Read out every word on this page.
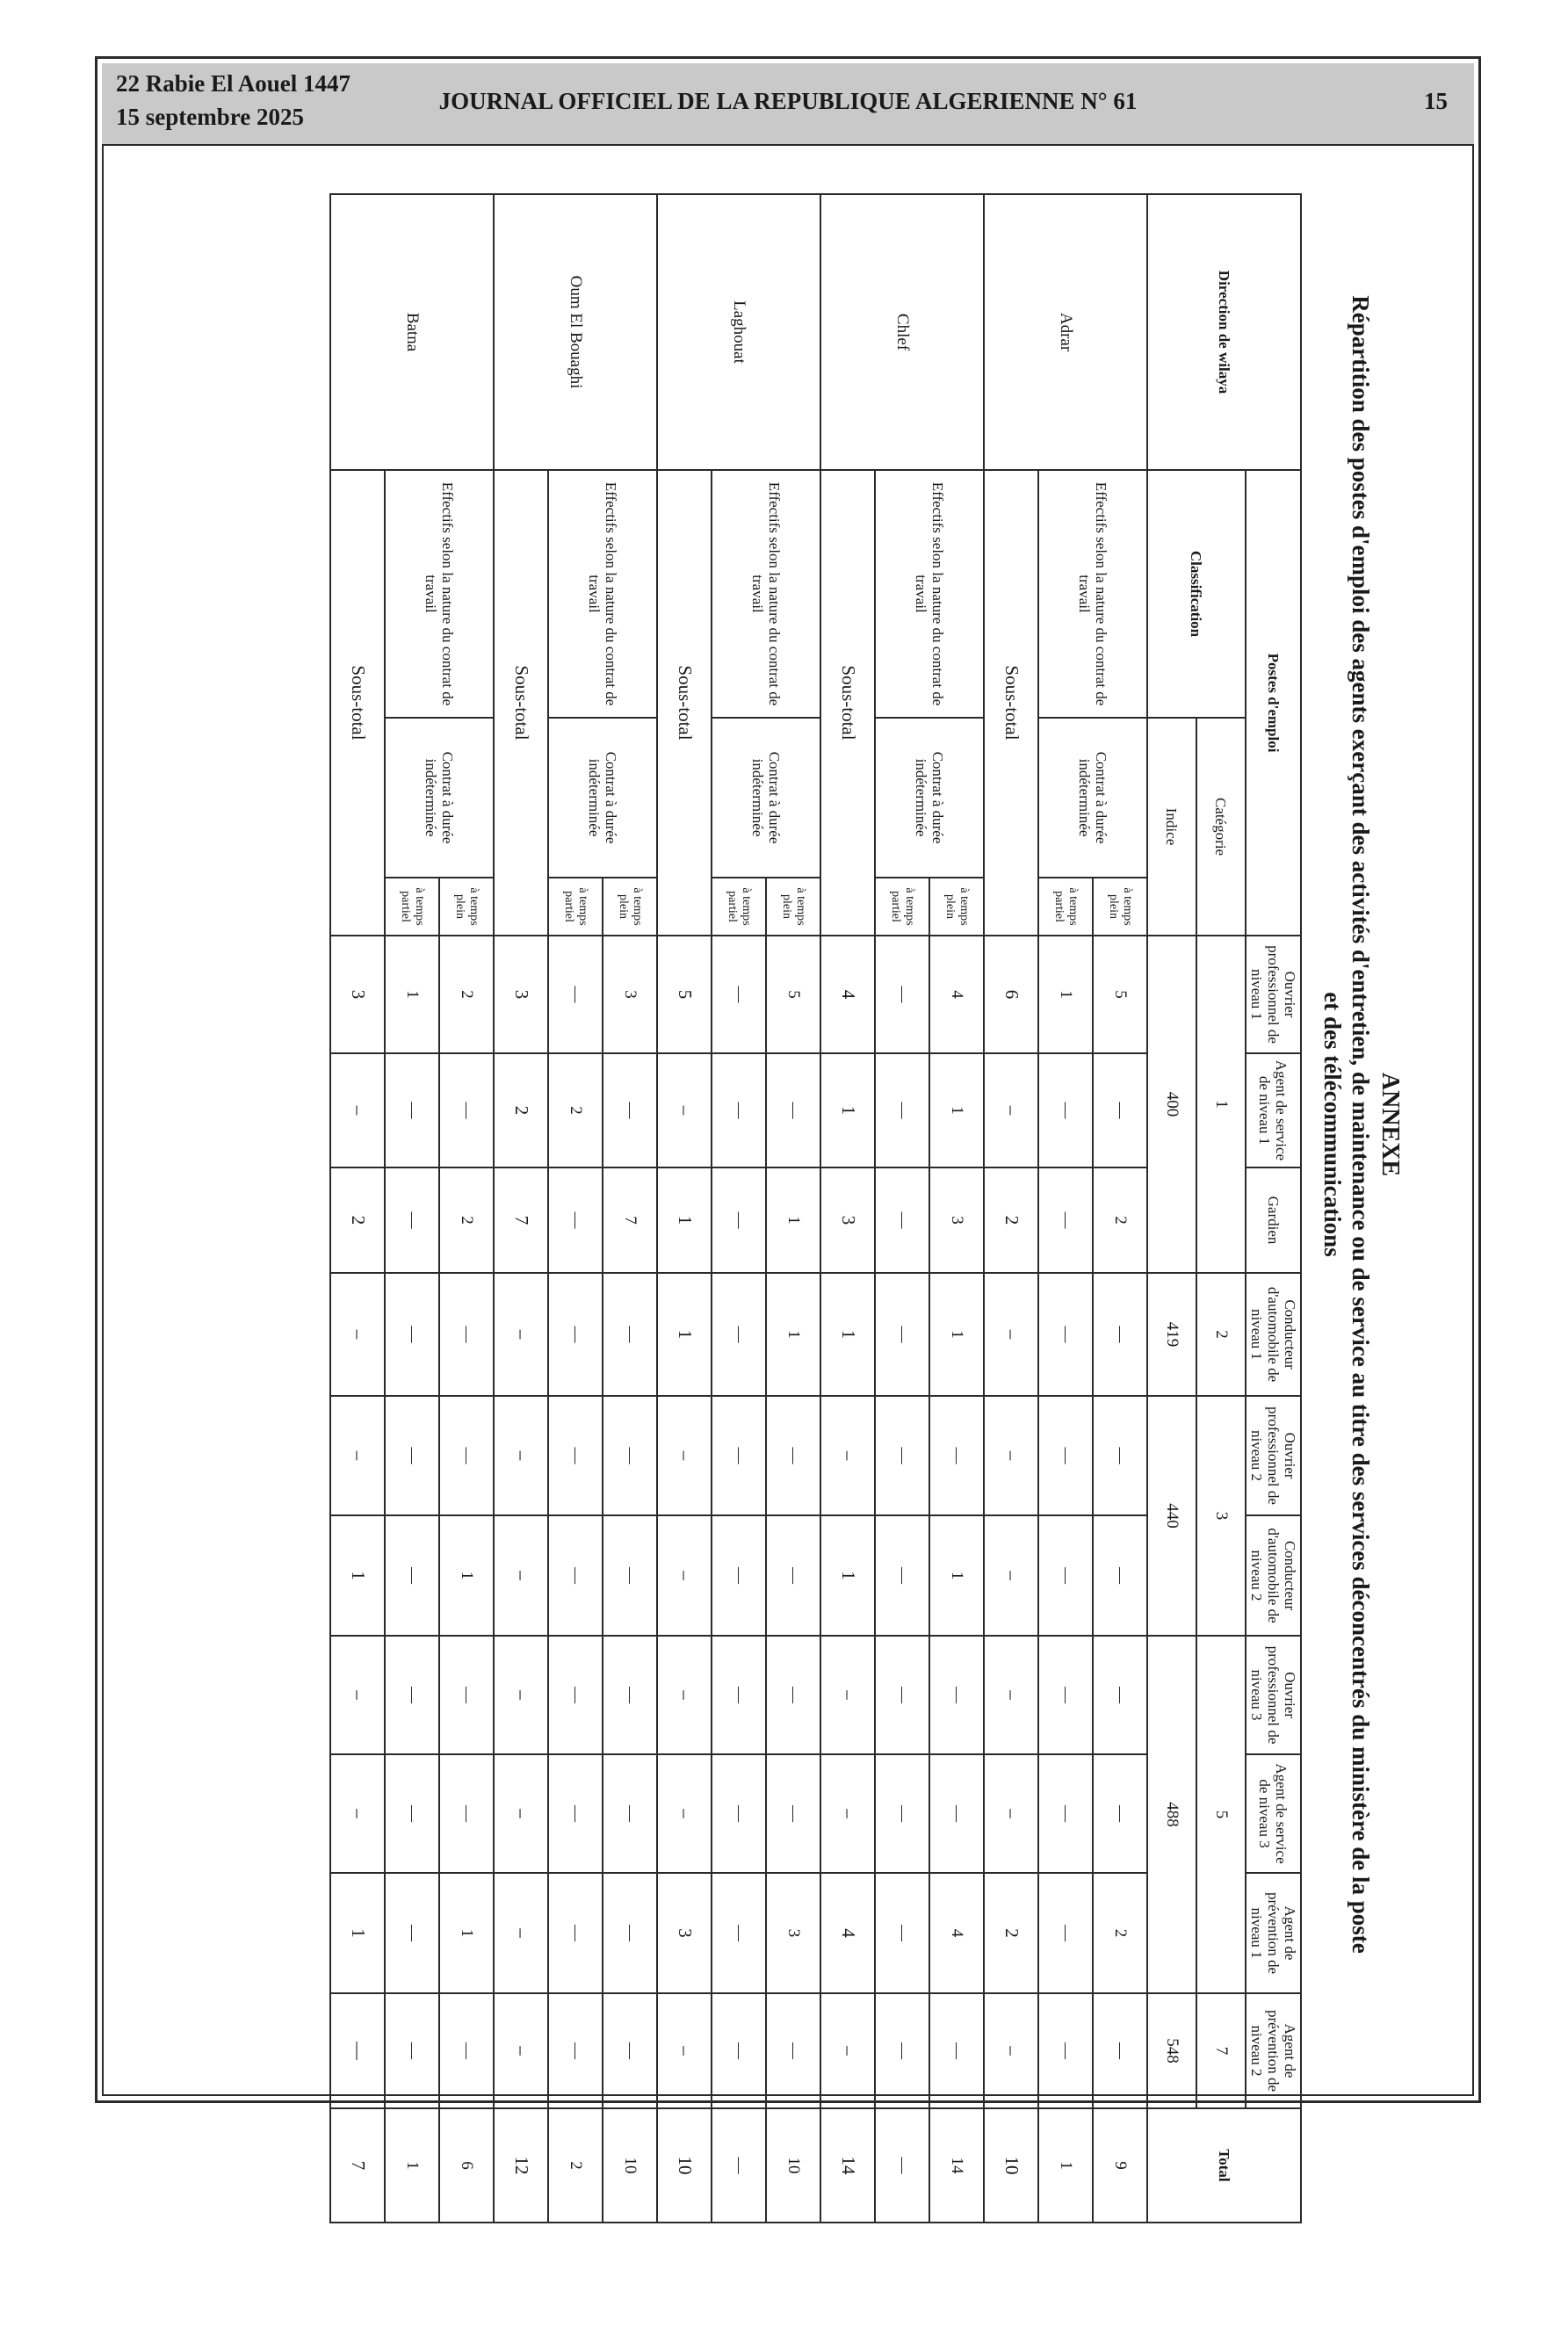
22 Rabie El Aouel 1447
15 septembre 2025
JOURNAL OFFICIEL DE LA REPUBLIQUE ALGERIENNE N° 61	15
ANNEXE
Répartition des postes d'emploi des agents exerçant des activités d'entretien, de maintenance ou de service au titre des services déconcentrés du ministère de la poste
et des télécommunications
Direction de wilaya	Postes d'emploi			Ouvrier professionnel de niveau 1	Agent de service de niveau 1	Gardien	Conducteur d'automobile de niveau 1	Ouvrier professionnel de niveau 2	Conducteur d'automobile de niveau 2	Ouvrier professionnel de niveau 3	Agent de service de niveau 3	Agent de prévention de niveau 1	Agent de prévention de niveau 2	Total
	Classification	Catégorie		1			2	3		5			7	
		Indice		400			419	440		488			548	
Adrar	Effectifs selon la nature du contrat de travail	Contrat à durée indéterminée	à temps plein	5	—	2	—	—	—	—	—	2	—	9
			à temps partiel	1	—	—	—	—	—	—	—	—	—	1
	Sous-total			6	–	2	–	–	–	–	–	2	–	10
Chlef	Effectifs selon la nature du contrat de travail	Contrat à durée indéterminée	à temps plein	4	1	3	1	—	1	—	—	4	—	14
			à temps partiel	—	—	—	—	—	—	—	—	—	—	—
	Sous-total			4	1	3	1	–	1	–	–	4	–	14
Laghouat	Effectifs selon la nature du contrat de travail	Contrat à durée indéterminée	à temps plein	5	—	1	1	—	—	—	—	3	—	10
			à temps partiel	—	—	—	—	—	—	—	—	—	—	—
	Sous-total			5	–	1	1	–	–	–	–	3	–	10
Oum El Bouaghi	Effectifs selon la nature du contrat de travail	Contrat à durée indéterminée	à temps plein	3	—	7	—	—	—	—	—	—	—	10
			à temps partiel	—	2	—	—	—	—	—	—	—	—	2
	Sous-total			3	2	7	–	–	–	–	–	–	–	12
Batna	Effectifs selon la nature du contrat de travail	Contrat à durée indéterminée	à temps plein	2	—	2	—	—	1	—	—	1	—	6
			à temps partiel	1	—	—	—	—	—	—	—	—	—	1
	Sous-total			3	–	2	–	–	1	–	–	1	—	7
